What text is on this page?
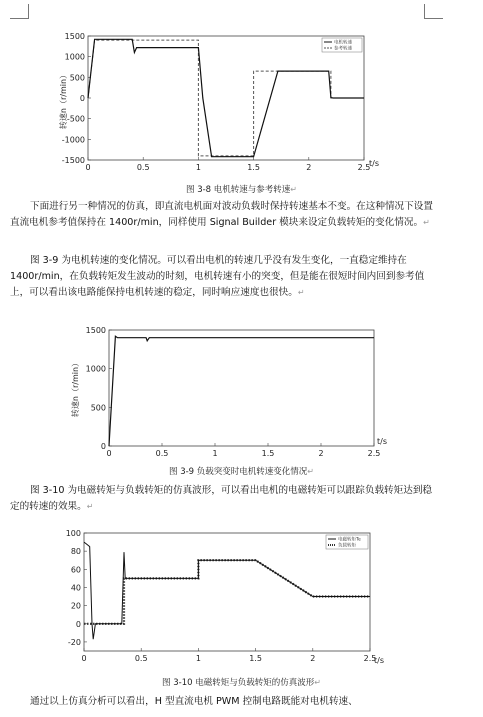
0	0.5	1	1.5	2	2.5
1500
1000
500
0
-500
-1000
-1500
电机转速
参考转速
转速n（r/min）
t/s
图 3-8 电机转速与参考转速↵

下面进行另一种情况的仿真，即直流电机面对波动负载时保持转速基本不变。在这种情况下设置直流电机参考值保持在 1400r/min，同样使用 Signal Builder 模块来设定负载转矩的变化情况。↵

图 3-9 为电机转速的变化情况。可以看出电机的转速几乎没有发生变化，一直稳定维持在 1400r/min，在负载转矩发生波动的时刻，电机转速有小的突变，但是能在很短时间内回到参考值上，可以看出该电路能保持电机转速的稳定，同时响应速度也很快。↵

0	0.5	1	1.5	2	2.5
1500
1000
500
0
转速n（r/min）
t/s
图 3-9 负载突变时电机转速变化情况↵

图 3-10 为电磁转矩与负载转矩的仿真波形，可以看出电机的电磁转矩可以跟踪负载转矩达到稳定的转速的效果。↵

0	0.5	1	1.5	2	2.5
100
80
60
40
20
0
-20
电磁转矩Te
负载转矩
t/s
图 3-10 电磁转矩与负载转矩的仿真波形↵

通过以上仿真分析可以看出，H 型直流电机 PWM 控制电路既能对电机转速、
